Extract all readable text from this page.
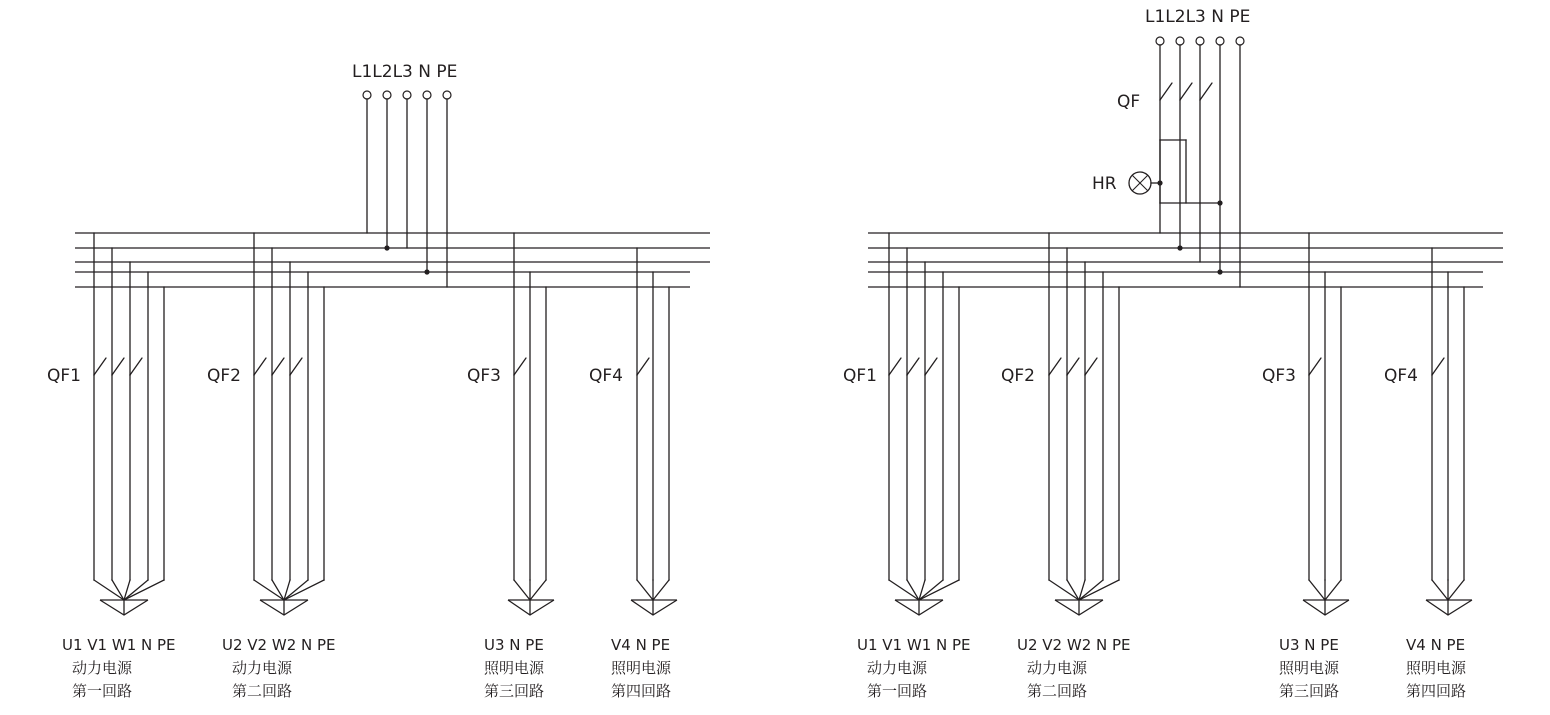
L1L2L3 N PE
QF1
U1 V1 W1 N PE
动力电源
第一回路
QF2
U2 V2 W2 N PE
动力电源
第二回路
QF3
U3 N PE
照明电源
第三回路
QF4
V4 N PE
照明电源
第四回路
L1L2L3 N PE
QF
HR
QF1
U1 V1 W1 N PE
动力电源
第一回路
QF2
U2 V2 W2 N PE
动力电源
第二回路
QF3
U3 N PE
照明电源
第三回路
QF4
V4 N PE
照明电源
第四回路
